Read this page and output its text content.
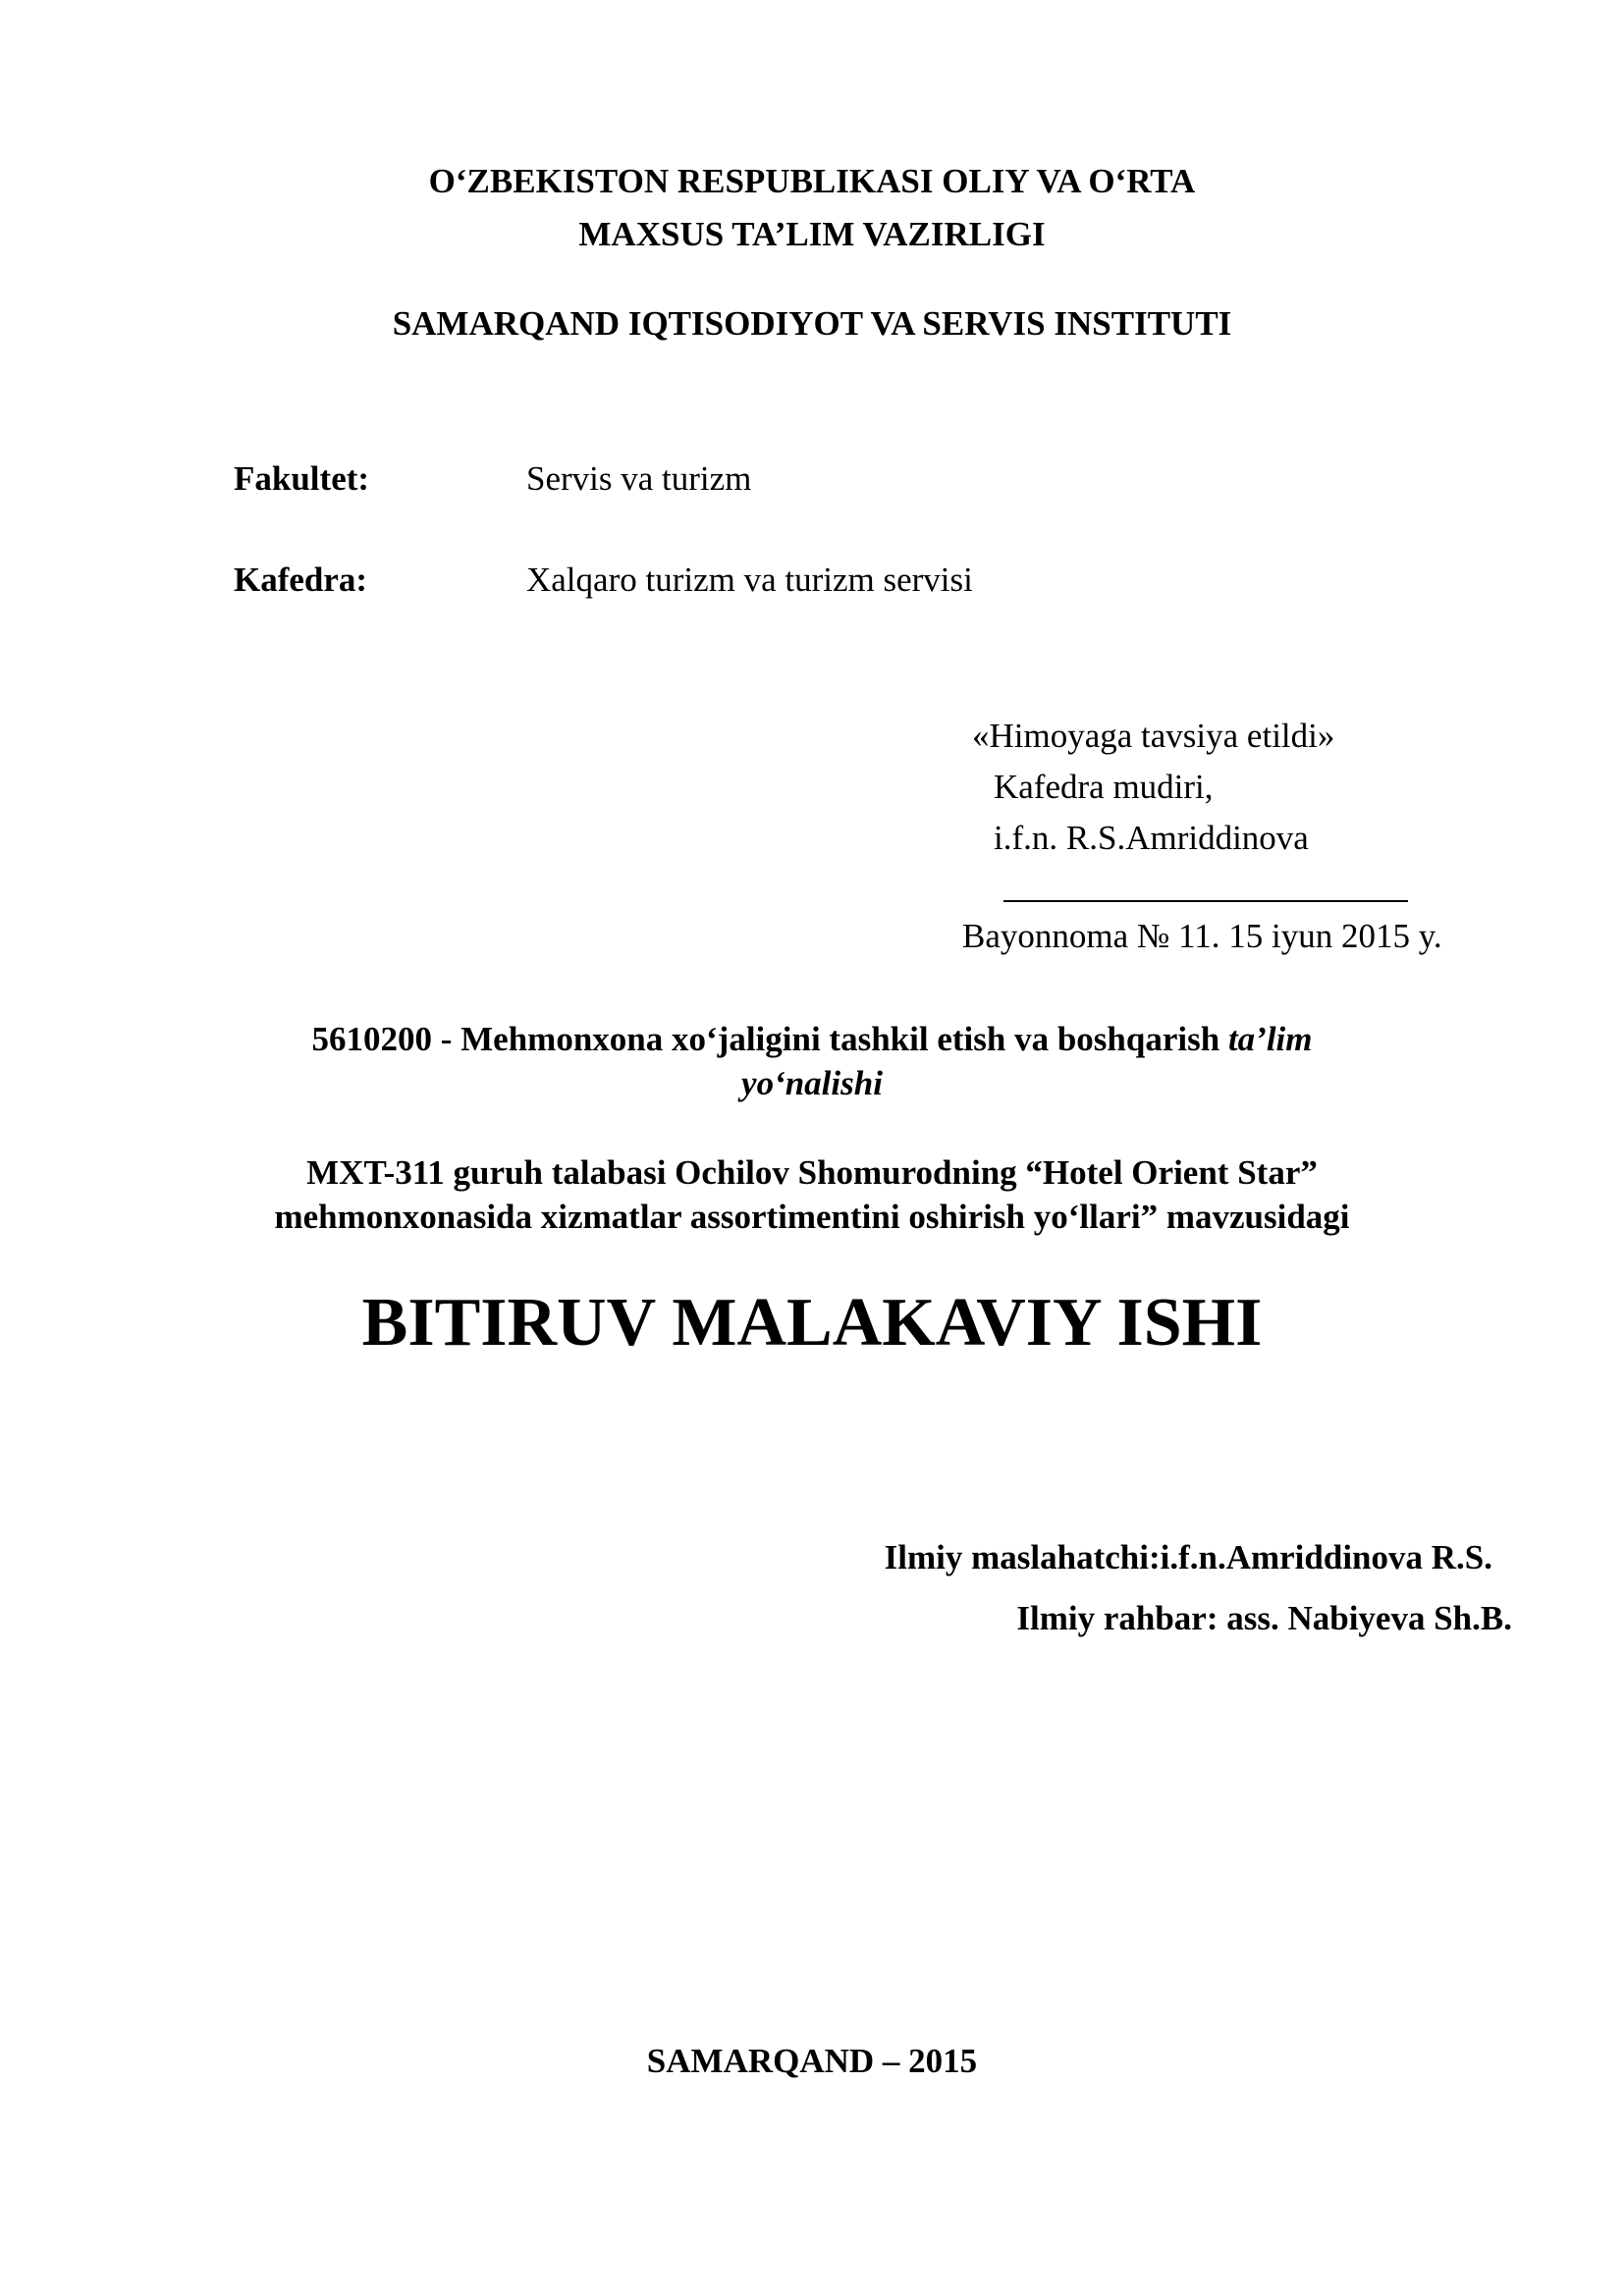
O‘ZBEKISTON RESPUBLIKASI OLIY VA O‘RTA
MAXSUS TA’LIM VAZIRLIGI
SAMARQAND IQTISODIYOT VA SERVIS INSTITUTI
Fakultet:	Servis va turizm
Kafedra:	Xalqaro turizm va turizm servisi
«Himoyaga tavsiya etildi»
Kafedra mudiri,
i.f.n. R.S.Amriddinova
Bayonnoma № 11. 15 iyun 2015 y.
5610200 - Mehmonxona xo‘jaligini tashkil etish va boshqarish ta’lim
yo‘nalishi
MXT-311 guruh talabasi Ochilov Shomurodning “Hotel Orient Star”
mehmonxonasida xizmatlar assortimentini oshirish yo‘llari” mavzusidagi
BITIRUV MALAKAVIY ISHI
Ilmiy maslahatchi:i.f.n.Amriddinova R.S.
Ilmiy rahbar: ass. Nabiyeva Sh.B.
SAMARQAND – 2015
